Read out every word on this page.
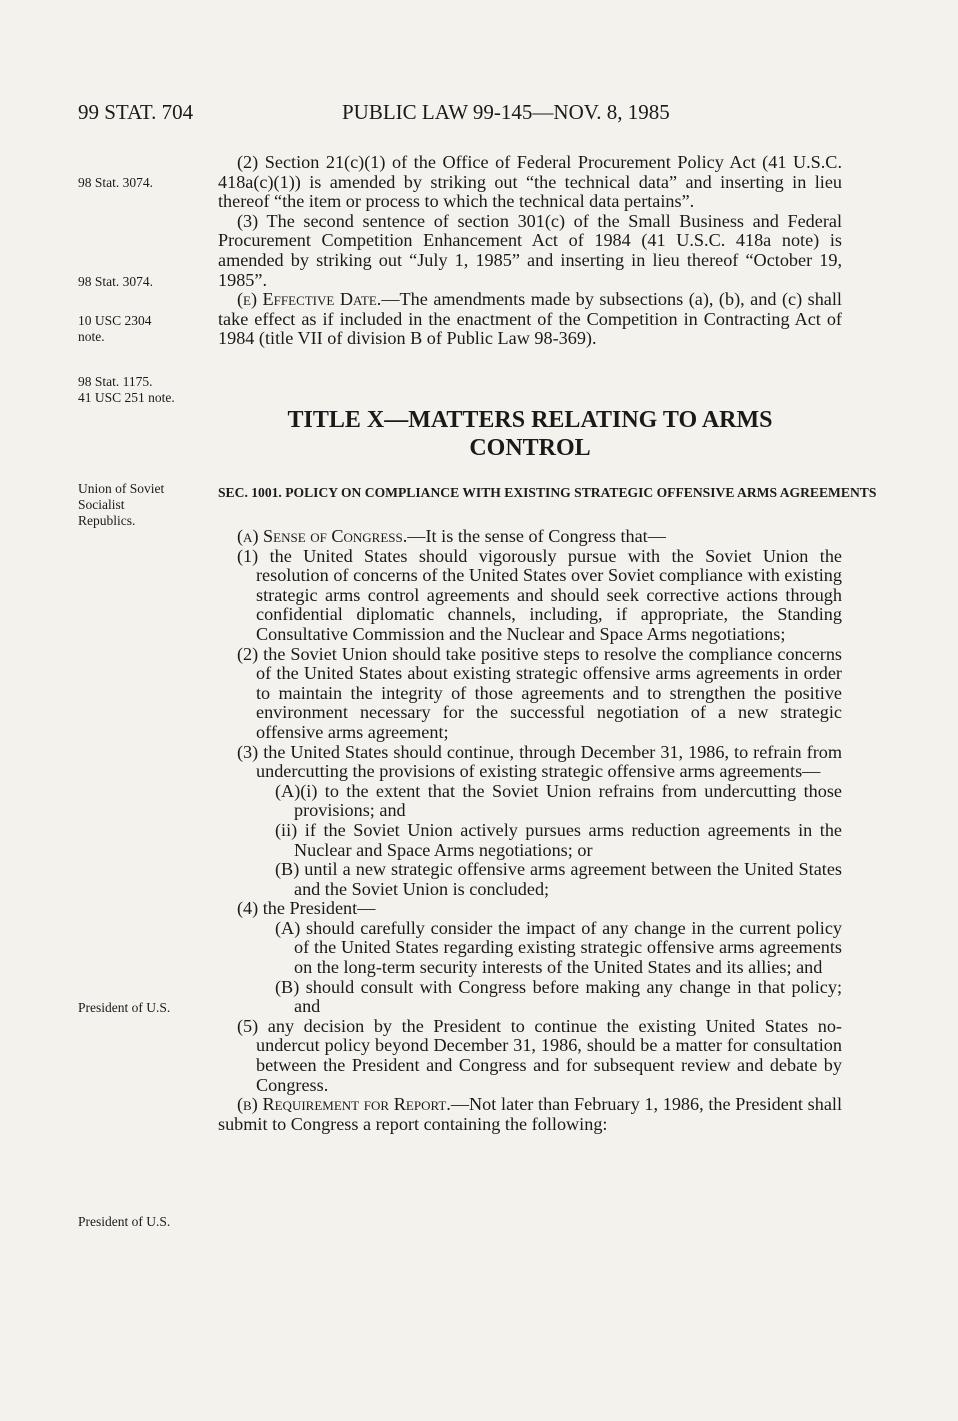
99 STAT. 704	PUBLIC LAW 99-145—NOV. 8, 1985
98 Stat. 3074.
98 Stat. 3074.
10 USC 2304
note.
98 Stat. 1175.
41 USC 251 note.
Union of Soviet
Socialist
Republics.
President of U.S.
President of U.S.
(2) Section 21(c)(1) of the Office of Federal Procurement Policy Act (41 U.S.C. 418a(c)(1)) is amended by striking out “the technical data” and inserting in lieu thereof “the item or process to which the technical data pertains”.
(3) The second sentence of section 301(c) of the Small Business and Federal Procurement Competition Enhancement Act of 1984 (41 U.S.C. 418a note) is amended by striking out “July 1, 1985” and inserting in lieu thereof “October 19, 1985”.
(e) Effective Date.—The amendments made by subsections (a), (b), and (c) shall take effect as if included in the enactment of the Competition in Contracting Act of 1984 (title VII of division B of Public Law 98-369).
TITLE X—MATTERS RELATING TO ARMS
CONTROL
SEC. 1001. POLICY ON COMPLIANCE WITH EXISTING STRATEGIC OFFENSIVE ARMS AGREEMENTS
(a) Sense of Congress.—It is the sense of Congress that—
(1) the United States should vigorously pursue with the Soviet Union the resolution of concerns of the United States over Soviet compliance with existing strategic arms control agreements and should seek corrective actions through confidential diplomatic channels, including, if appropriate, the Standing Consultative Commission and the Nuclear and Space Arms negotiations;
(2) the Soviet Union should take positive steps to resolve the compliance concerns of the United States about existing strategic offensive arms agreements in order to maintain the integrity of those agreements and to strengthen the positive environment necessary for the successful negotiation of a new strategic offensive arms agreement;
(3) the United States should continue, through December 31, 1986, to refrain from undercutting the provisions of existing strategic offensive arms agreements—
(A)(i) to the extent that the Soviet Union refrains from undercutting those provisions; and
(ii) if the Soviet Union actively pursues arms reduction agreements in the Nuclear and Space Arms negotiations; or
(B) until a new strategic offensive arms agreement between the United States and the Soviet Union is concluded;
(4) the President—
(A) should carefully consider the impact of any change in the current policy of the United States regarding existing strategic offensive arms agreements on the long-term security interests of the United States and its allies; and
(B) should consult with Congress before making any change in that policy; and
(5) any decision by the President to continue the existing United States no-undercut policy beyond December 31, 1986, should be a matter for consultation between the President and Congress and for subsequent review and debate by Congress.
(b) Requirement for Report.—Not later than February 1, 1986, the President shall submit to Congress a report containing the following:
